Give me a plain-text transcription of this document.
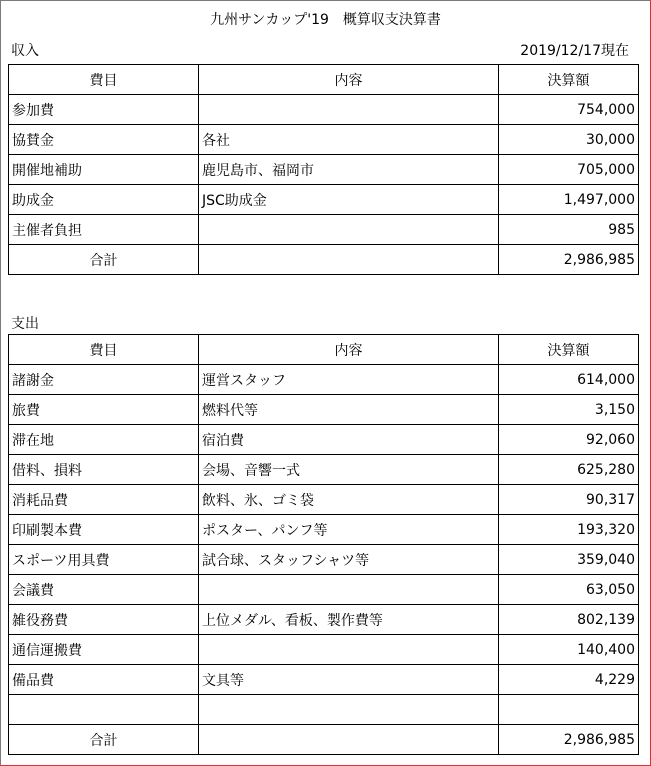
九州サンカップ'19　概算収支決算書
収入	2019/12/17現在
費目	内容	決算額
参加費		754,000
協賛金	各社	30,000
開催地補助	鹿児島市、福岡市	705,000
助成金	JSC助成金	1,497,000
主催者負担		985
合計		2,986,985
支出
費目	内容	決算額
諸謝金	運営スタッフ	614,000
旅費	燃料代等	3,150
滞在地	宿泊費	92,060
借料、損料	会場、音響一式	625,280
消耗品費	飲料、氷、ゴミ袋	90,317
印刷製本費	ポスター、パンフ等	193,320
スポーツ用具費	試合球、スタッフシャツ等	359,040
会議費		63,050
雑役務費	上位メダル、看板、製作費等	802,139
通信運搬費		140,400
備品費	文具等	4,229

合計		2,986,985
